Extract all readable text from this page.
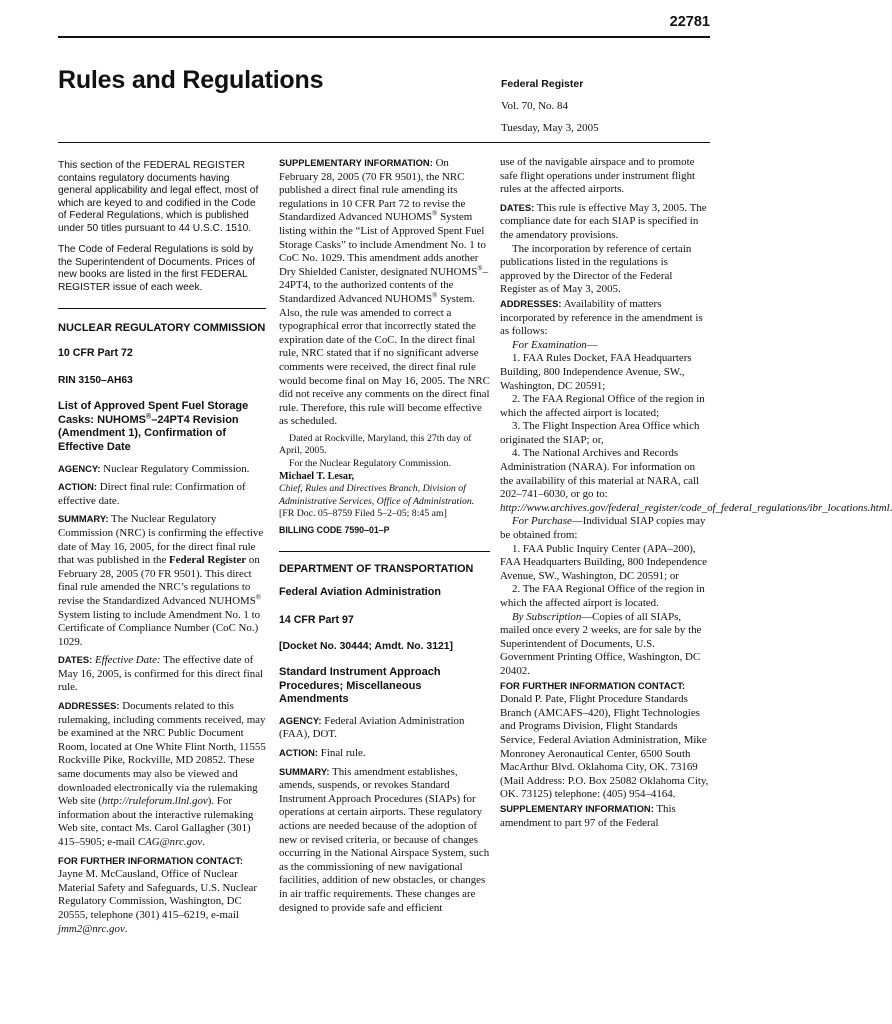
22781
Rules and Regulations	Federal Register
Vol. 70, No. 84
Tuesday, May 3, 2005

This section of the FEDERAL REGISTER contains regulatory documents having general applicability and legal effect, most of which are keyed to and codified in the Code of Federal Regulations, which is published under 50 titles pursuant to 44 U.S.C. 1510.

The Code of Federal Regulations is sold by the Superintendent of Documents. Prices of new books are listed in the first FEDERAL REGISTER issue of each week.

NUCLEAR REGULATORY COMMISSION
10 CFR Part 72
RIN 3150–AH63
List of Approved Spent Fuel Storage Casks: NUHOMS®–24PT4 Revision (Amendment 1), Confirmation of Effective Date

AGENCY: Nuclear Regulatory Commission.

ACTION: Direct final rule: Confirmation of effective date.

SUMMARY: The Nuclear Regulatory Commission (NRC) is confirming the effective date of May 16, 2005, for the direct final rule that was published in the Federal Register on February 28, 2005 (70 FR 9501). This direct final rule amended the NRC’s regulations to revise the Standardized Advanced NUHOMS® System listing to include Amendment No. 1 to Certificate of Compliance Number (CoC No.) 1029.

DATES: Effective Date: The effective date of May 16, 2005, is confirmed for this direct final rule.

ADDRESSES: Documents related to this rulemaking, including comments received, may be examined at the NRC Public Document Room, located at One White Flint North, 11555 Rockville Pike, Rockville, MD 20852. These same documents may also be viewed and downloaded electronically via the rulemaking Web site (http://ruleforum.llnl.gov). For information about the interactive rulemaking Web site, contact Ms. Carol Gallagher (301) 415–5905; e-mail CAG@nrc.gov.

FOR FURTHER INFORMATION CONTACT:
Jayne M. McCausland, Office of Nuclear Material Safety and Safeguards, U.S. Nuclear Regulatory Commission, Washington, DC 20555, telephone (301) 415–6219, e-mail jmm2@nrc.gov.

SUPPLEMENTARY INFORMATION: On February 28, 2005 (70 FR 9501), the NRC published a direct final rule amending its regulations in 10 CFR Part 72 to revise the Standardized Advanced NUHOMS® System listing within the “List of Approved Spent Fuel Storage Casks” to include Amendment No. 1 to CoC No. 1029. This amendment adds another Dry Shielded Canister, designated NUHOMS®–24PT4, to the authorized contents of the Standardized Advanced NUHOMS® System. Also, the rule was amended to correct a typographical error that incorrectly stated the expiration date of the CoC. In the direct final rule, NRC stated that if no significant adverse comments were received, the direct final rule would become final on May 16, 2005. The NRC did not receive any comments on the direct final rule. Therefore, this rule will become effective as scheduled.

Dated at Rockville, Maryland, this 27th day of April, 2005.

For the Nuclear Regulatory Commission.

Michael T. Lesar,

Chief, Rules and Directives Branch, Division of Administrative Services, Office of Administration.

[FR Doc. 05–8759 Filed 5–2–05; 8:45 am]

BILLING CODE 7590–01–P
DEPARTMENT OF TRANSPORTATION
Federal Aviation Administration
14 CFR Part 97
[Docket No. 30444; Amdt. No. 3121]
Standard Instrument Approach Procedures; Miscellaneous Amendments

AGENCY: Federal Aviation Administration (FAA), DOT.

ACTION: Final rule.

SUMMARY: This amendment establishes, amends, suspends, or revokes Standard Instrument Approach Procedures (SIAPs) for operations at certain airports. These regulatory actions are needed because of the adoption of new or revised criteria, or because of changes occurring in the National Airspace System, such as the commissioning of new navigational facilities, addition of new obstacles, or changes in air traffic requirements. These changes are designed to provide safe and efficient

use of the navigable airspace and to promote safe flight operations under instrument flight rules at the affected airports.

DATES: This rule is effective May 3, 2005. The compliance date for each SIAP is specified in the amendatory provisions.

The incorporation by reference of certain publications listed in the regulations is approved by the Director of the Federal Register as of May 3, 2005.

ADDRESSES: Availability of matters incorporated by reference in the amendment is as follows:

For Examination—

1. FAA Rules Docket, FAA Headquarters Building, 800 Independence Avenue, SW., Washington, DC 20591;

2. The FAA Regional Office of the region in which the affected airport is located;

3. The Flight Inspection Area Office which originated the SIAP; or,

4. The National Archives and Records Administration (NARA). For information on the availability of this material at NARA, call 202–741–6030, or go to: http://www.archives.gov/federal_register/code_of_federal_regulations/ibr_locations.html

For Purchase—Individual SIAP copies may be obtained from:

1. FAA Public Inquiry Center (APA–200), FAA Headquarters Building, 800 Independence Avenue, SW., Washington, DC 20591; or

2. The FAA Regional Office of the region in which the affected airport is located.

By Subscription—Copies of all SIAPs, mailed once every 2 weeks, are for sale by the Superintendent of Documents, U.S. Government Printing Office, Washington, DC 20402.

FOR FURTHER INFORMATION CONTACT:
Donald P. Pate, Flight Procedure Standards Branch (AMCAFS–420), Flight Technologies and Programs Division, Flight Standards Service, Federal Aviation Administration, Mike Monroney Aeronautical Center, 6500 South MacArthur Blvd. Oklahoma City, OK. 73169 (Mail Address: P.O. Box 25082 Oklahoma City, OK. 73125) telephone: (405) 954–4164.

SUPPLEMENTARY INFORMATION: This amendment to part 97 of the Federal
